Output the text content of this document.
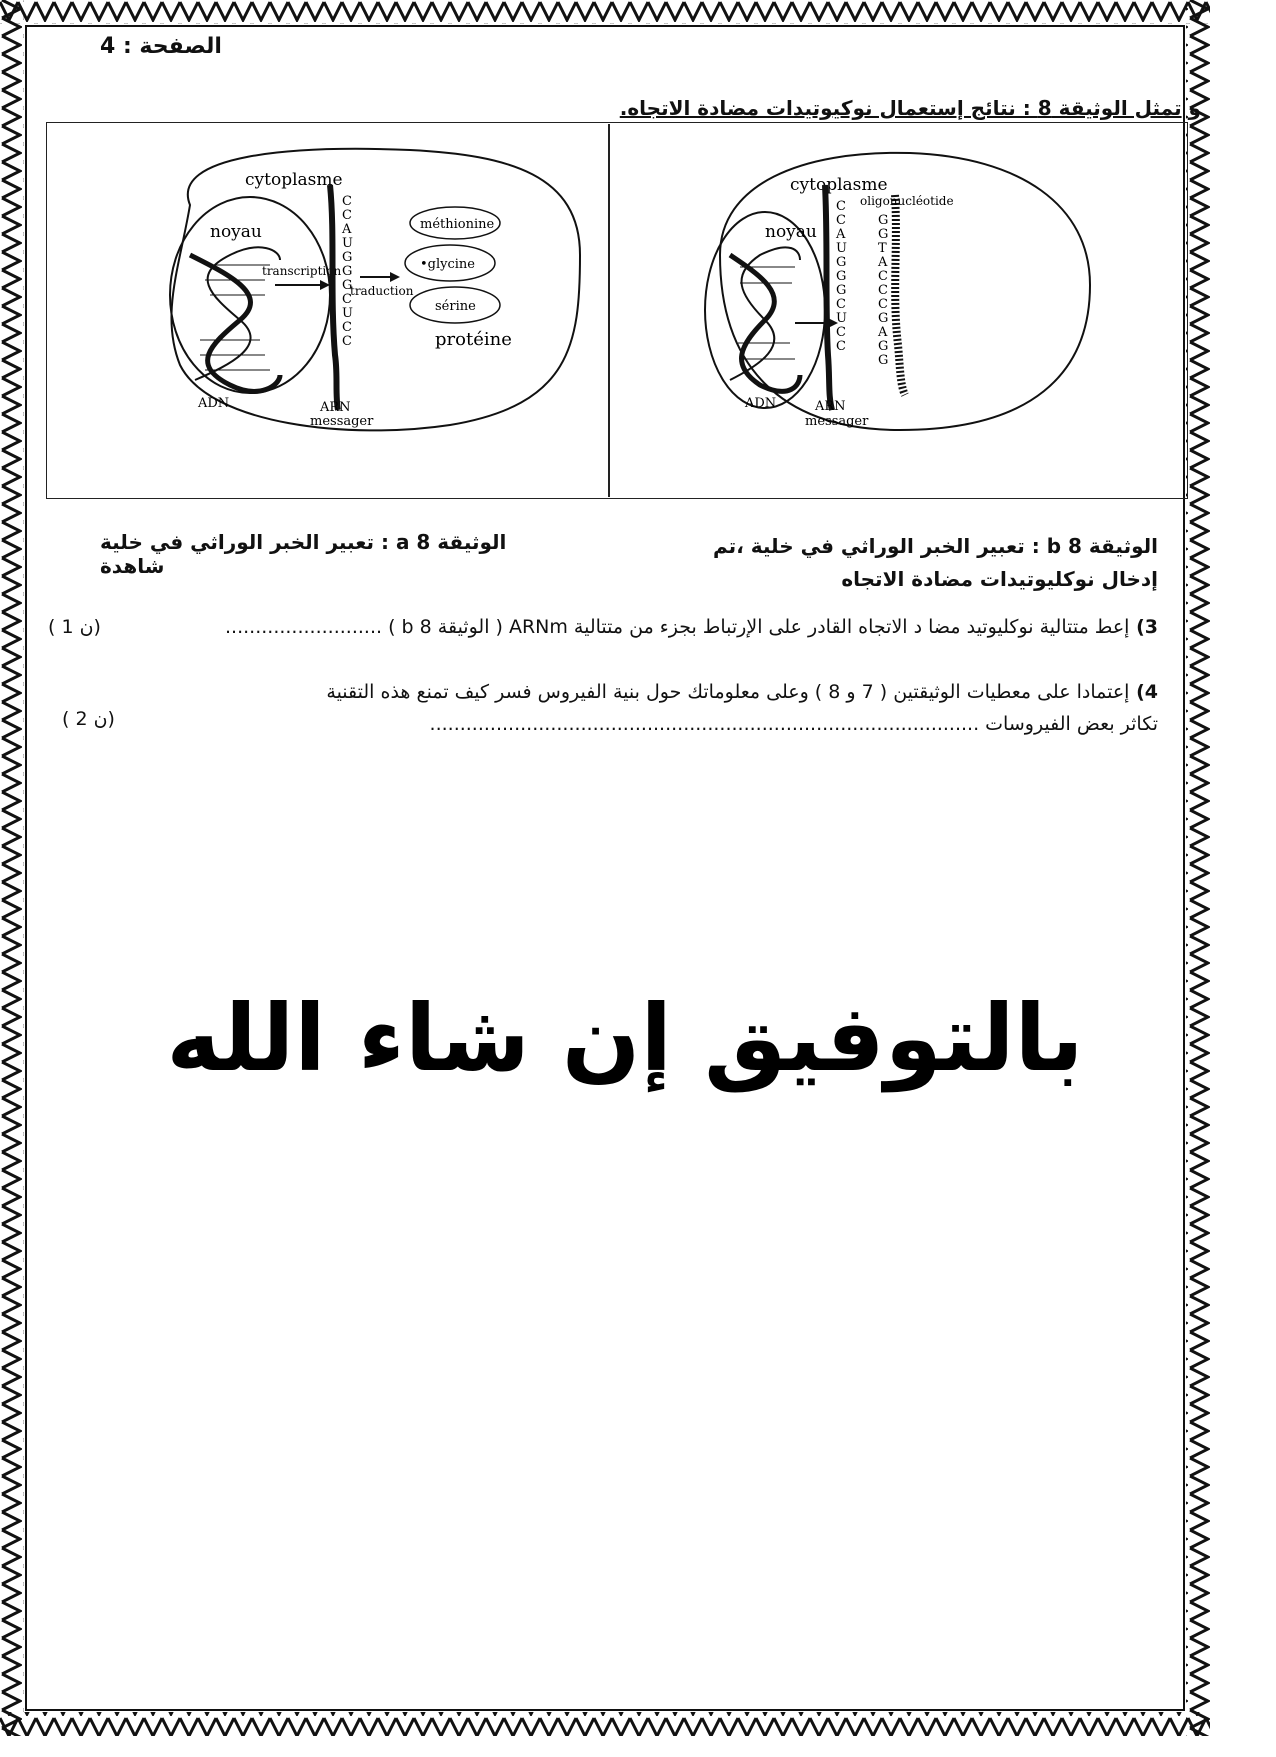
الصفحة : 4
و تمثل الوثيقة 8 : نتائج إستعمال نوكيوتيدات مضادة الاتجاه.
cytoplasme
noyau
ADN
transcription
C
C
A
U
G
G
G
C
U
C
C
ARN
messager
traduction
méthionine
•glycine
sérine
protéine
cytoplasme
noyau
ADN
C
C
A
U
G
G
G
C
U
C
C
G
G
T
A
C
C
C
G
A
G
G
oligonucléotide
ARN
messager
الوثيقة 8 b : تعبير الخبر الوراثي في خلية ،تم
إدخال نوكليوتيدات مضادة الاتجاه
الوثيقة 8 a : تعبير الخبر الوراثي في خلية شاهدة
3) إعط متتالية نوكليوتيد مضا د الاتجاه القادر على الإرتباط بجزء من متتالية ARNm ( الوثيقة 8 b ) ..........................
( 1 ن)
4) إعتمادا على معطيات الوثيقتين ( 7 و 8 ) وعلى معلوماتك حول بنية الفيروس فسر كيف تمنع هذه التقنية
تكاثر بعض الفيروسات ...........................................................................................
( 2 ن)
بالتوفيق إن شاء الله
